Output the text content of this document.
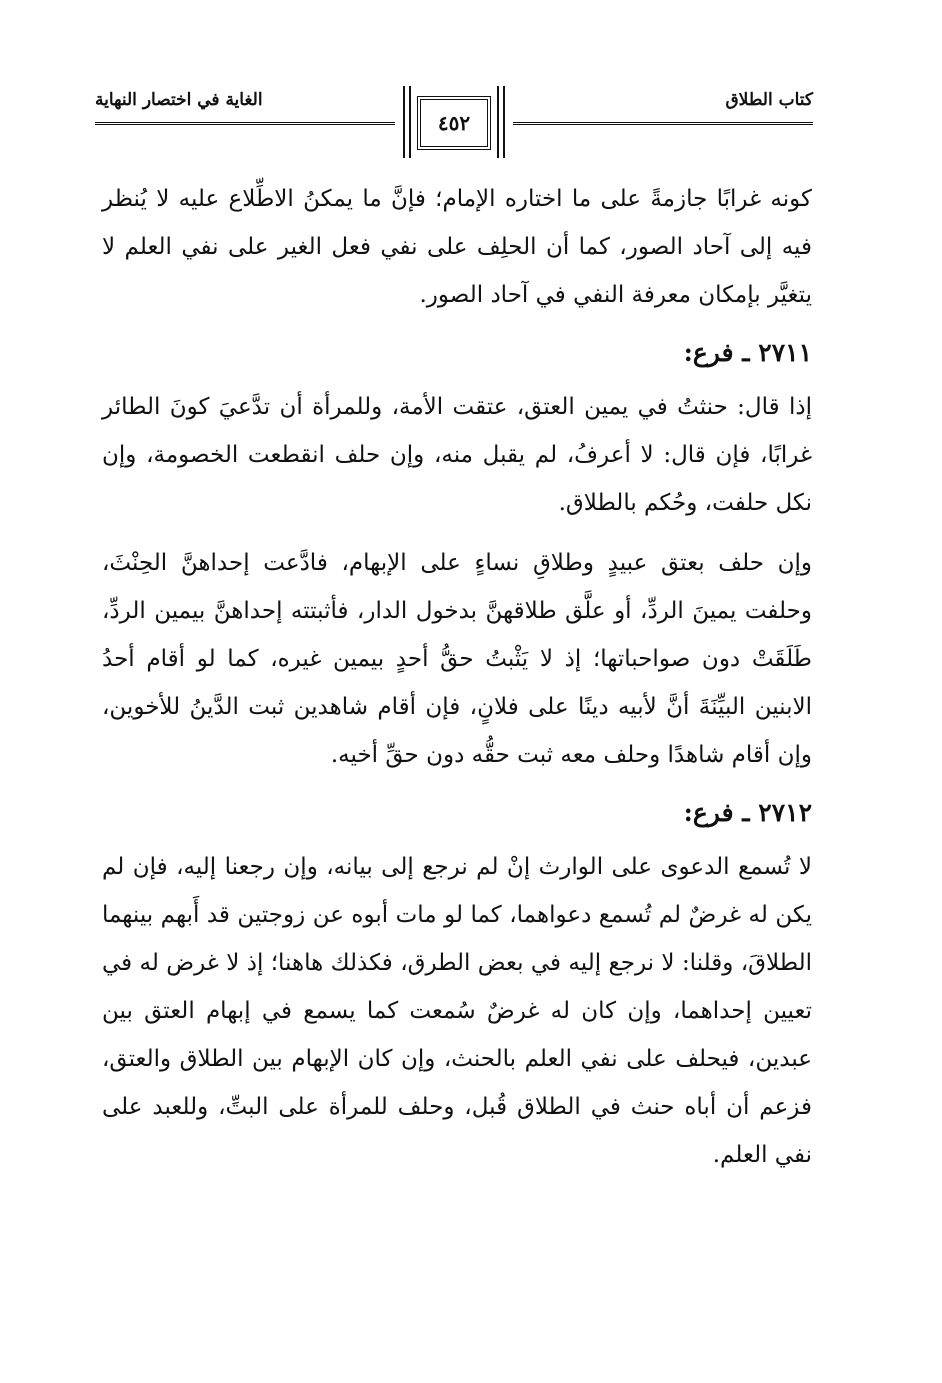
كتاب الطلاق
٤٥٢
الغاية في اختصار النهاية

كونه غرابًا جازمةً على ما اختاره الإمام؛ فإنَّ ما يمكنُ الاطِّلاع عليه لا يُنظر فيه إلى آحاد الصور، كما أن الحلِف على نفي فعل الغير على نفي العلم لا يتغيَّر بإمكان معرفة النفي في آحاد الصور.

٢٧١١ ـ فرع:

إذا قال: حنثتُ في يمين العتق، عتقت الأمة، وللمرأة أن تدَّعيَ كونَ الطائر غرابًا، فإن قال: لا أعرفُ، لم يقبل منه، وإن حلف انقطعت الخصومة، وإن نكل حلفت، وحُكم بالطلاق.

وإن حلف بعتق عبيدٍ وطلاقِ نساءٍ على الإبهام، فادَّعت إحداهنَّ الحِنْثَ، وحلفت يمينَ الردِّ، أو علَّق طلاقهنَّ بدخول الدار، فأثبتته إحداهنَّ بيمين الردِّ، طَلَقَتْ دون صواحباتها؛ إذ لا يَثْبتُ حقُّ أحدٍ بيمين غيره، كما لو أقام أحدُ الابنين البيِّنَةَ أنَّ لأبيه دينًا على فلانٍ، فإن أقام شاهدين ثبت الدَّينُ للأخوين، وإن أقام شاهدًا وحلف معه ثبت حقُّه دون حقِّ أخيه.

٢٧١٢ ـ فرع:

لا تُسمع الدعوى على الوارث إنْ لم نرجع إلى بيانه، وإن رجعنا إليه، فإن لم يكن له غرضٌ لم تُسمع دعواهما، كما لو مات أبوه عن زوجتين قد أَبهم بينهما الطلاقَ، وقلنا: لا نرجع إليه في بعض الطرق، فكذلك هاهنا؛ إذ لا غرض له في تعيين إحداهما، وإن كان له غرضٌ سُمعت كما يسمع في إبهام العتق بين عبدين، فيحلف على نفي العلم بالحنث، وإن كان الإبهام بين الطلاق والعتق، فزعم أن أباه حنث في الطلاق قُبل، وحلف للمرأة على البتِّ، وللعبد على نفي العلم.
